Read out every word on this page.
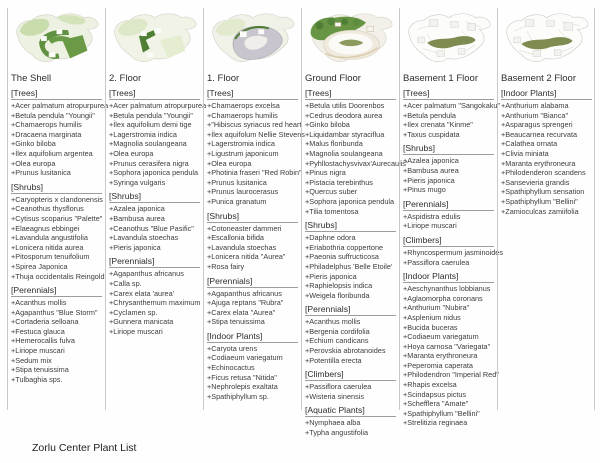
The Shell
[Trees]
+Acer palmatum atropurpurea
+Betula pendula "Youngii"
+Chamaerops humilis
+Dracaena marginata
+Ginko biloba
+İlex aquifolium argentea
+Olea europa
+Prunus lusitanica
[Shrubs]
+Caryopteris x clandonensis
+Ceanothus thysflorus
+Cytisus scoparius "Palette"
+Elaeagnus ebbingei
+Lavandula angustifolia
+Lonicera nitida aurea
+Pitosporum tenuifolium
+Spirea Japonica
+Thuja occidentalis Reingold
[Perennials]
+Acanthus mollis
+Agapanthus "Blue Storm"
+Cortaderia selloana
+Festuca glauca
+Hemerocallis fulva
+Liriope muscari
+Sedum mix
+Stipa tenuissima
+Tulbaghia sps.
2. Floor
[Trees]
+Acer palmatum atropurpurea
+Betula pendula "Youngii"
+İlex aquifolium demi tige
+Lagerstromia indica
+Magnolia soulangeana
+Olea europa
+Prunus cerasifera nigra
+Sophora japonica pendula
+Syringa vulgaris
[Shrubs]
+Azalea japonica
+Bambusa aurea
+Ceanothus "Blue Pasific"
+Lavandula stoechas
+Pieris japonica
[Perennials]
+Agapanthus africanus
+Calla sp.
+Carex elata 'aurea'
+Chrysanthemum maximum
+Cyclamen sp.
+Gunnera manicata
+Liriope muscari
1. Floor
[Trees]
+Chamaerops excelsa
+Chamaerops humilis
+"Hibiscus syriacus red heart
+İlex aquifolum Nellie Stevens
+Lagerstromia indica
+Ligustrum japonicum
+Olea europa
+Photinia fraseri "Red Robin"
+Prunus lusitanica
+Prunus laurocerasus
+Punica granatum
[Shrubs]
+Cotoneaster dammeri
+Escallonia bifida
+Lavandula stoechas
+Lonicera nitida "Aurea"
+Rosa fairy
[Perennials]
+Agapanthus africanus
+Ajuga reptans "Rubra"
+Carex elata "Aurea"
+Stipa tenuissima
[Indoor Plants]
+Caryota urens
+Codiaeum variegatum
+Echinocactus
+Ficus retusa "Nitida"
+Nephrolepis exaltata
+Spathiphyllum sp.
Ground Floor
[Trees]
+Betula utilis Doorenbos
+Cedrus deodora aurea
+Ginko biloba
+Liquidambar styraciflua
+Malus floribunda
+Magnolia soulangeana
+Pyhllostachysvivax'Aurecaulis'
+Pinus nigra
+Pistacia terebinthus
+Quercus suber
+Sophora japonica pendula
+Tilia tomentosa
[Shrubs]
+Daphne odora
+Eriabothria coppertone
+Paeonia suffructicosa
+Philadelphus 'Belle Etoile'
+Pieris japonica
+Raphielopsis indica
+Weigela floribunda
[Perennials]
+Acanthus mollis
+Bergenia cordifolia
+Echium candicans
+Perovskia abrotanoides
+Potentilla erecta
[Climbers]
+Passiflora caerulea
+Wisteria sinensis
[Aquatic Plants]
+Nymphaea alba
+Typha angustifolia
Basement 1 Floor
[Trees]
+Acer palmatum "Sangokaku"
+Betula pendula
+Ilex crenata "Kinme"
+Taxus cuspidata
[Shrubs]
+Azalea japonica
+Bambusa aurea
+Pieris japonica
+Pinus mugo
[Perennials]
+Aspidistra edulis
+Liriope muscari
[Climbers]
+Rhyncospermum jasminoides
+Passiflora caerulea
[Indoor Plants]
+Aeschynanthus lobbianus
+Aglaomorpha coronans
+Anthurium "Nubira"
+Asplenium nidus
+Bucida buceras
+Codiaeum variegatum
+Hoya carnosa "Variegata"
+Maranta erythroneura
+Peperomia caperata
+Philodendron "Imperial Red"
+Rhapis excelsa
+Scindapsus pictus
+Schefflera "Amate"
+Spathiphyllum "Bellini"
+Strelitizia reginaea
Basement 2 Floor
[Indoor Plants]
+Anthurium alabama
+Anthurium "Bianca"
+Asparagus sprengeri
+Beaucarnea recurvata
+Calathea ornata
+Clivia miniata
+Maranta erythroneura
+Philodenderon scandens
+Sansevieria grandis
+Spathiphyllum sensation
+Spathiphyllum "Bellini"
+Zamioculcas zamiifolia
Zorlu Center Plant List
